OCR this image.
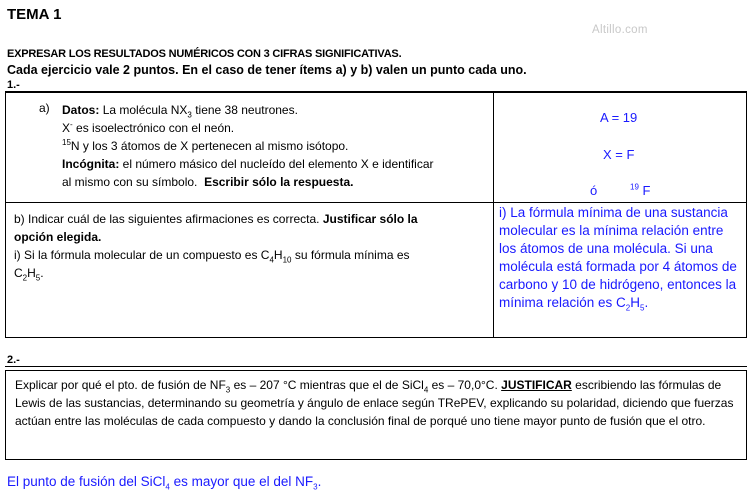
TEMA 1
Altillo.com
EXPRESAR LOS RESULTADOS NUMÉRICOS CON 3 CIFRAS SIGNIFICATIVAS.
Cada ejercicio vale 2 puntos. En el caso de tener ítems a) y b) valen un punto cada uno.
1.-
a) Datos: La molécula $NX_3$ tiene 38 neutrones.
X- es isoelectrónico con el neón.
$^{15}$N y los 3 átomos de X pertenecen al mismo isótopo.
Incógnita: el número másico del nucleído del elemento X e identificar
al mismo con su símbolo. Escribir sólo la respuesta.
A = 19
X = F
ó	$^{19}$ F
b) Indicar cuál de las siguientes afirmaciones es correcta. Justificar sólo la
opción elegida.
i) Si la fórmula molecular de un compuesto es $C_4H_{10}$ su fórmula mínima es
$C_2H_5$.
i) La fórmula mínima de una sustancia molecular es la mínima relación entre los átomos de una molécula. Si una molécula está formada por 4 átomos de carbono y 10 de hidrógeno, entonces la mínima relación es $C_2H_5$.
2.-
Explicar por qué el pto. de fusión de $NF_3$ es – 207 °C mientras que el de SiCl$_4$ es – 70,0°C. JUSTIFICAR escribiendo las fórmulas de Lewis de las sustancias, determinando su geometría y ángulo de enlace según TRePEV, explicando su polaridad, diciendo que fuerzas actúan entre las moléculas de cada compuesto y dando la conclusión final de porqué uno tiene mayor punto de fusión que el otro.
El punto de fusión del SiCl$_4$ es mayor que el del $NF_3$.
